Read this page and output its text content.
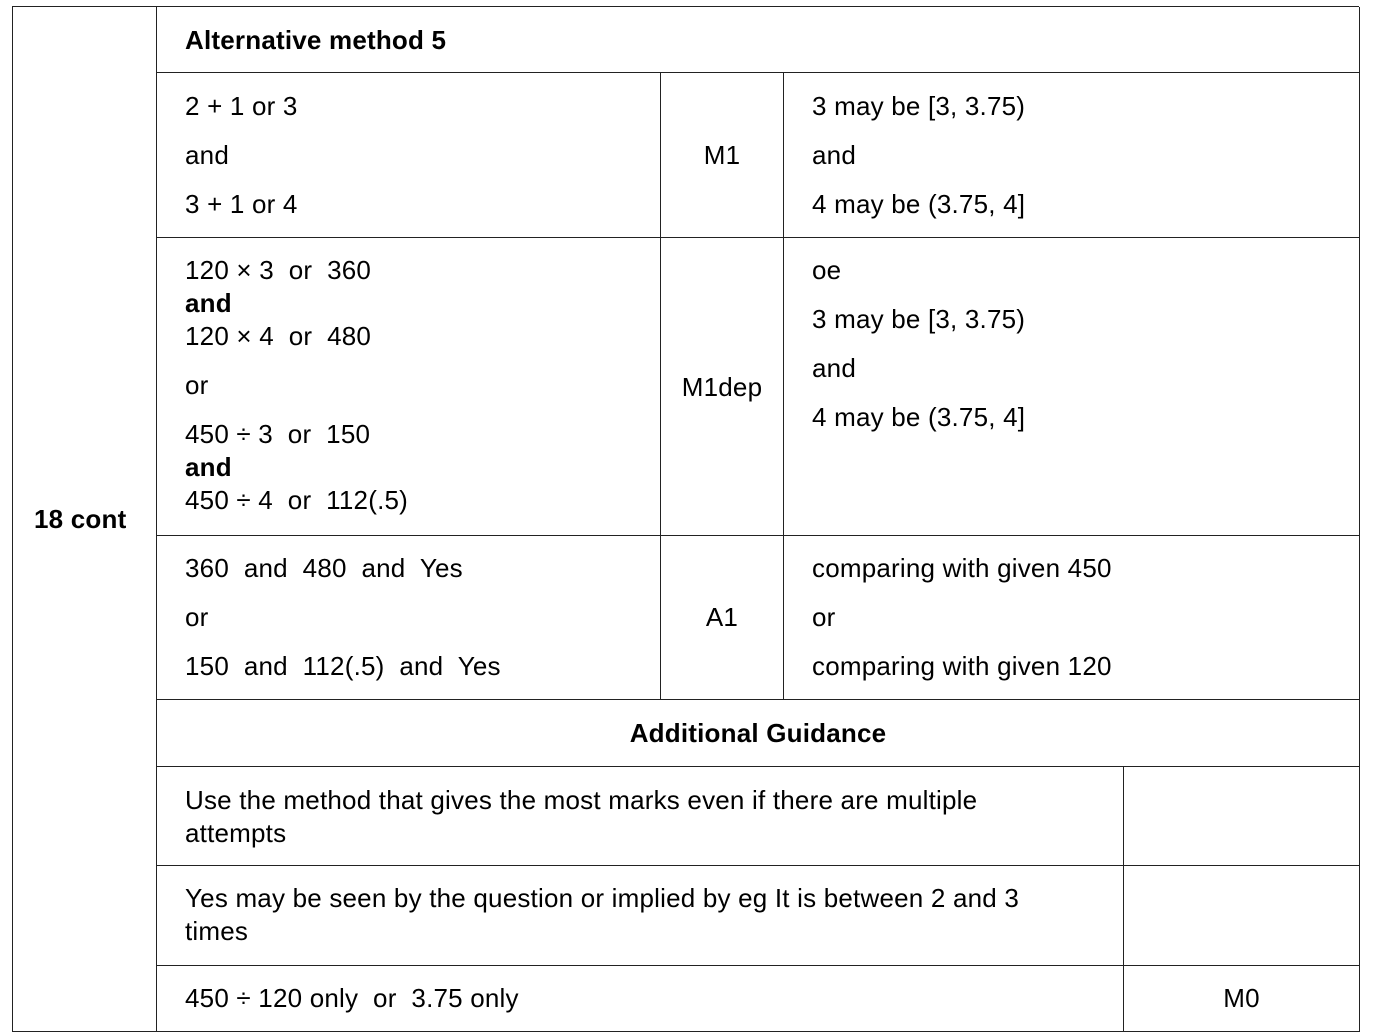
18 cont
Alternative method 5
2 + 1 or 3
and
3 + 1 or 4
M1
3 may be [3, 3.75)
and
4 may be (3.75, 4]
120 × 3  or  360
and
120 × 4  or  480
or
450 ÷ 3  or  150
and
450 ÷ 4  or  112(.5)
M1dep
oe
3 may be [3, 3.75)
and
4 may be (3.75, 4]
360  and  480  and  Yes
or
150  and  112(.5)  and  Yes
A1
comparing with given 450
or
comparing with given 120
Additional Guidance
Use the method that gives the most marks even if there are multiple
attempts
Yes may be seen by the question or implied by eg It is between 2 and 3
times
450 ÷ 120 only  or  3.75 only	M0
